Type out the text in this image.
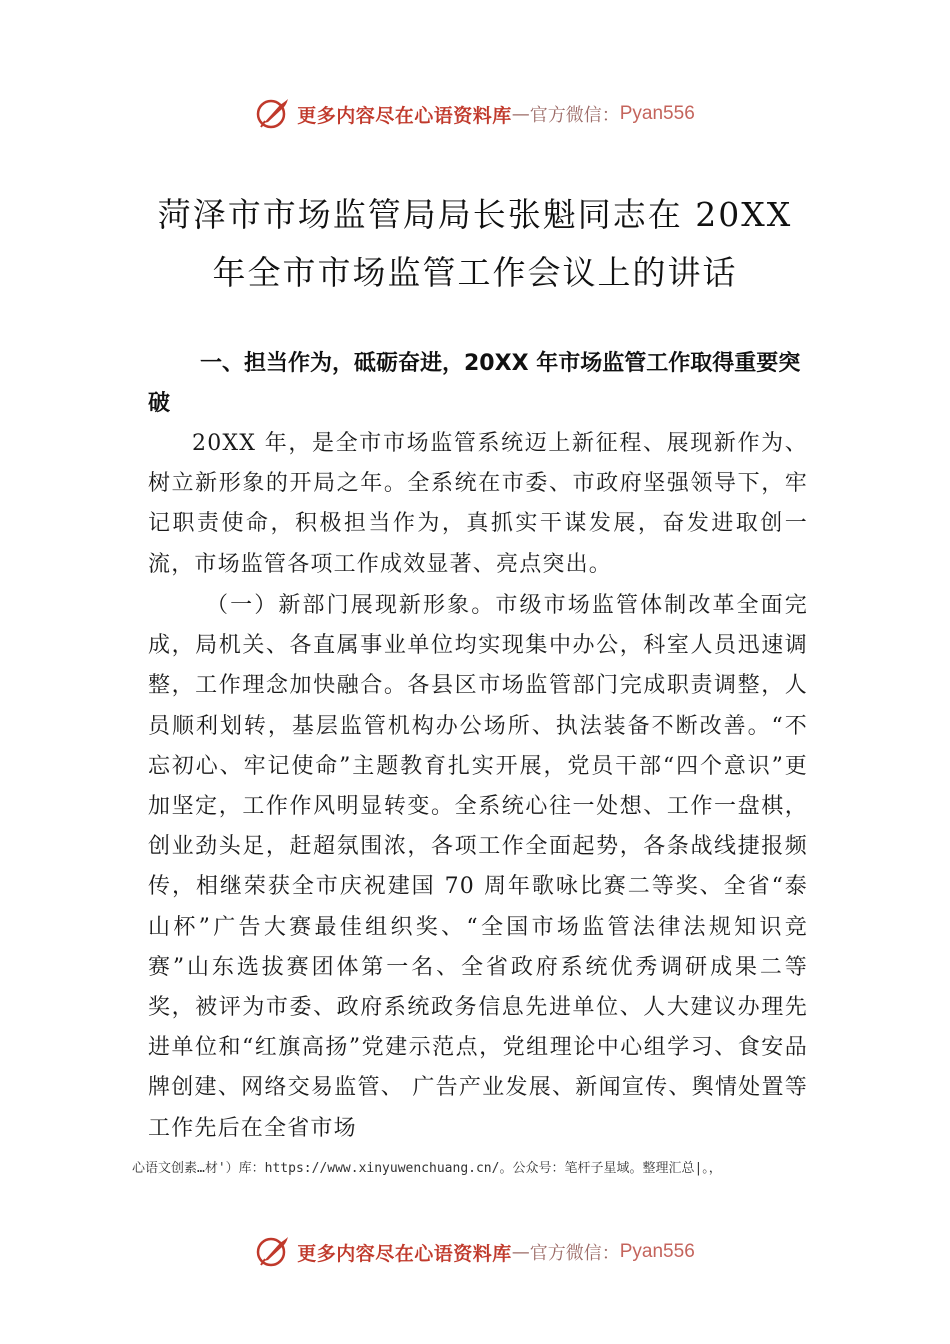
更多内容尽在心语资料库 — 官方微信： Pyan556
菏泽市市场监管局局长张魁同志在 20XX
年全市市场监管工作会议上的讲话
一、担当作为，砥砺奋进，20XX 年市场监管工作取得重要突破
20XX 年，是全市市场监管系统迈上新征程、展现新作为、树立新形象的开局之年。全系统在市委、市政府坚强领导下，牢记职责使命，积极担当作为，真抓实干谋发展，奋发进取创一流，市场监管各项工作成效显著、亮点突出。
（一）新部门展现新形象。市级市场监管体制改革全面完成，局机关、各直属事业单位均实现集中办公，科室人员迅速调整，工作理念加快融合。各县区市场监管部门完成职责调整，人员顺利划转，基层监管机构办公场所、执法装备不断改善。“不忘初心、牢记使命”主题教育扎实开展，党员干部“四个意识”更加坚定，工作作风明显转变。全系统心往一处想、工作一盘棋，创业劲头足，赶超氛围浓，各项工作全面起势，各条战线捷报频传，相继荣获全市庆祝建国 70 周年歌咏比赛二等奖、全省“泰山杯”广告大赛最佳组织奖、“全国市场监管法律法规知识竞赛”山东选拔赛团体第一名、全省政府系统优秀调研成果二等奖，被评为市委、政府系统政务信息先进单位、人大建议办理先进单位和“红旗高扬”党建示范点，党组理论中心组学习、食安品牌创建、网络交易监管、 广告产业发展、新闻宣传、舆情处置等工作先后在全省市场
心语文创素…材'）库：https://www.xinyuwenchuang.cn/。公众号：笔杆子星域。整理汇总|。，
更多内容尽在心语资料库 — 官方微信： Pyan556
